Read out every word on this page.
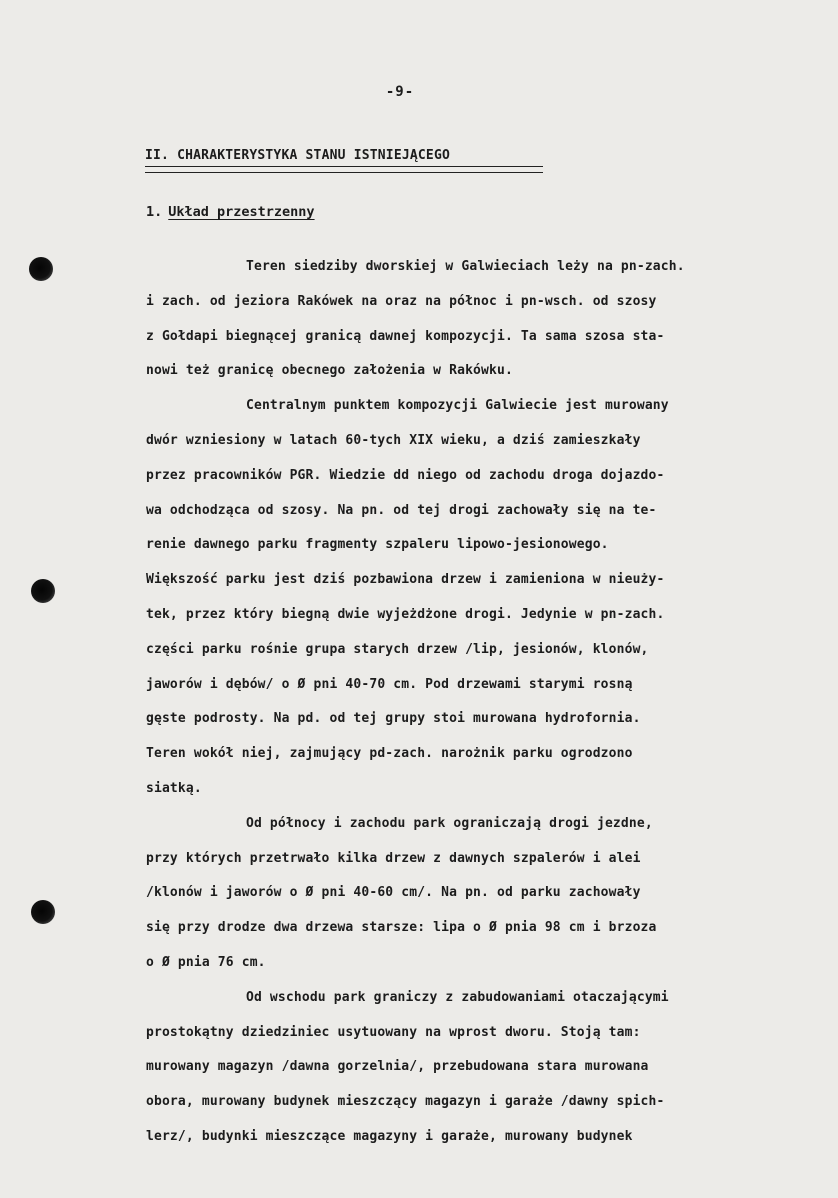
-9-
II. CHARAKTERYSTYKA STANU ISTNIEJĄCEGO
1. Układ przestrzenny
Teren siedziby dworskiej w Galwieciach leży na pn-zach.
i zach. od jeziora Rakówek na oraz na północ i pn-wsch. od szosy
z Gołdapi biegnącej granicą dawnej kompozycji. Ta sama szosa sta-
nowi też granicę obecnego założenia w Rakówku.
Centralnym punktem kompozycji Galwiecie jest murowany
dwór wzniesiony w latach 60-tych XIX wieku, a dziś zamieszkały
przez pracowników PGR. Wiedzie dd niego od zachodu droga dojazdo-
wa odchodząca od szosy. Na pn. od tej drogi zachowały się na te-
renie dawnego parku fragmenty szpaleru lipowo-jesionowego.
Większość parku jest dziś pozbawiona drzew i zamieniona w nieuży-
tek, przez który biegną dwie wyjeżdżone drogi. Jedynie w pn-zach.
części parku rośnie grupa starych drzew /lip, jesionów, klonów,
jaworów i dębów/ o Ø pni 40-70 cm. Pod drzewami starymi rosną
gęste podrosty. Na pd. od tej grupy stoi murowana hydrofornia.
Teren wokół niej, zajmujący pd-zach. narożnik parku ogrodzono
siatką.
Od północy i zachodu park ograniczają drogi jezdne,
przy których przetrwało kilka drzew z dawnych szpalerów i alei
/klonów i jaworów o Ø pni 40-60 cm/. Na pn. od parku zachowały
się przy drodze dwa drzewa starsze: lipa o Ø pnia 98 cm i brzoza
o Ø pnia 76 cm.
Od wschodu park graniczy z zabudowaniami otaczającymi
prostokątny dziedziniec usytuowany na wprost dworu. Stoją tam:
murowany magazyn /dawna gorzelnia/, przebudowana stara murowana
obora, murowany budynek mieszczący magazyn i garaże /dawny spich-
lerz/, budynki mieszczące magazyny i garaże, murowany budynek
